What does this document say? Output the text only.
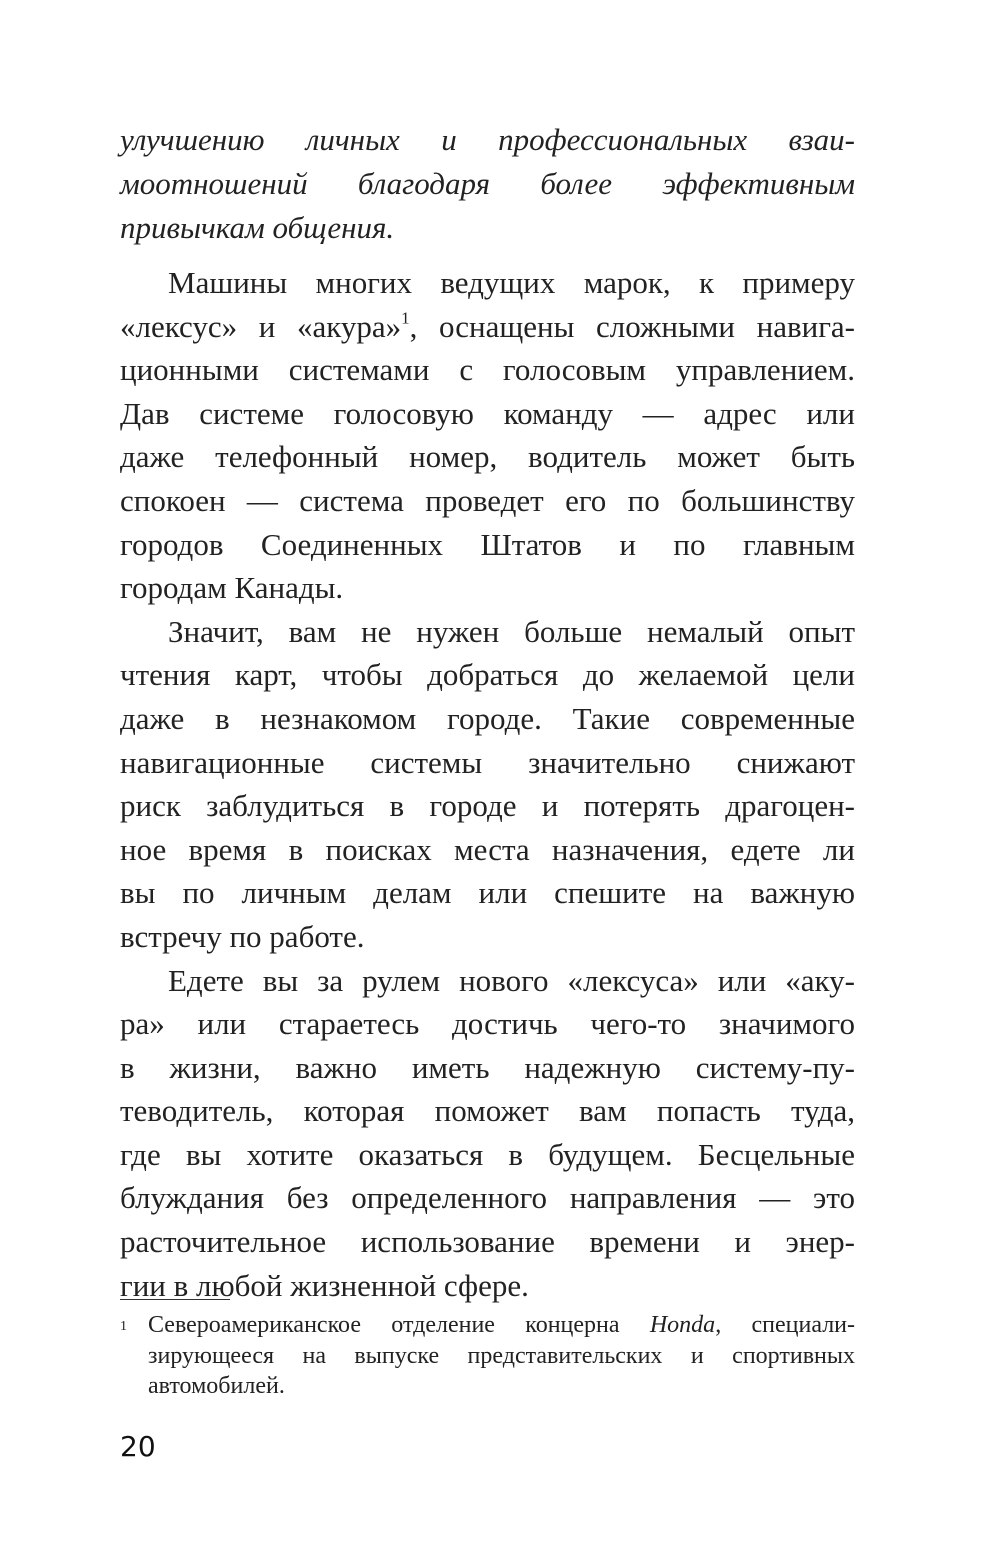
улучшению личных и профессиональных взаи-
моотношений благодаря более эффективным
привычкам общения.
Машины многих ведущих марок, к примеру
«лексус» и «акура»$^1$, оснащены сложными навига-
ционными системами с голосовым управлением.
Дав системе голосовую команду — адрес или
даже телефонный номер, водитель может быть
спокоен — система проведет его по большинству
городов Соединенных Штатов и по главным
городам Канады.
Значит, вам не нужен больше немалый опыт
чтения карт, чтобы добраться до желаемой цели
даже в незнакомом городе. Такие современные
навигационные системы значительно снижают
риск заблудиться в городе и потерять драгоцен-
ное время в поисках места назначения, едете ли
вы по личным делам или спешите на важную
встречу по работе.
Едете вы за рулем нового «лексуса» или «аку-
ра» или стараетесь достичь чего-то значимого
в жизни, важно иметь надежную систему-пу-
теводитель, которая поможет вам попасть туда,
где вы хотите оказаться в будущем. Бесцельные
блуждания без определенного направления — это
расточительное использование времени и энер-
гии в любой жизненной сфере.
1 Североамериканское отделение концерна Honda, специали-
зирующееся на выпуске представительских и спортивных
автомобилей.
20
